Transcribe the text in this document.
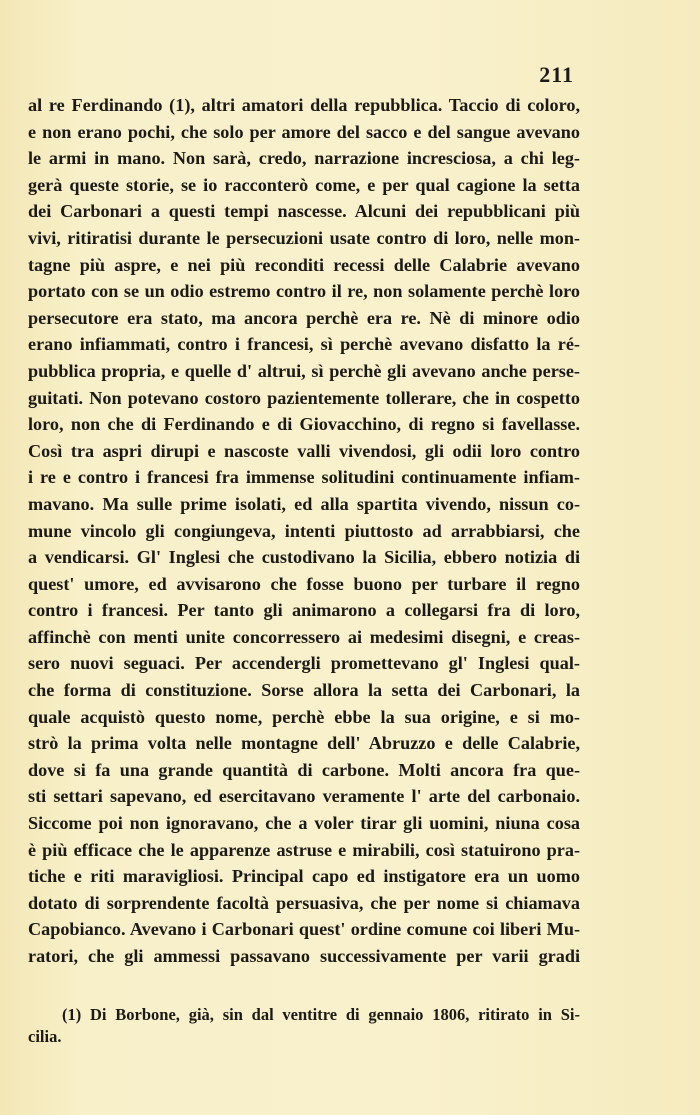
211
al re Ferdinando (1), altri amatori della repubblica. Taccio di coloro,
e non erano pochi, che solo per amore del sacco e del sangue avevano
le armi in mano. Non sarà, credo, narrazione incresciosa, a chi leg-
gerà queste storie, se io racconterò come, e per qual cagione la setta
dei Carbonari a questi tempi nascesse. Alcuni dei repubblicani più
vivi, ritiratisi durante le persecuzioni usate contro di loro, nelle mon-
tagne più aspre, e nei più reconditi recessi delle Calabrie avevano
portato con se un odio estremo contro il re, non solamente perchè loro
persecutore era stato, ma ancora perchè era re. Nè di minore odio
erano infiammati, contro i francesi, sì perchè avevano disfatto la ré-
pubblica propria, e quelle d' altrui, sì perchè gli avevano anche perse-
guitati. Non potevano costoro pazientemente tollerare, che in cospetto
loro, non che di Ferdinando e di Giovacchino, di regno si favellasse.
Così tra aspri dirupi e nascoste valli vivendosi, gli odii loro contro
i re e contro i francesi fra immense solitudini continuamente infiam-
mavano. Ma sulle prime isolati, ed alla spartita vivendo, nissun co-
mune vincolo gli congiungeva, intenti piuttosto ad arrabbiarsi, che
a vendicarsi. Gl' Inglesi che custodivano la Sicilia, ebbero notizia di
quest' umore, ed avvisarono che fosse buono per turbare il regno
contro i francesi. Per tanto gli animarono a collegarsi fra di loro,
affinchè con menti unite concorressero ai medesimi disegni, e creas-
sero nuovi seguaci. Per accendergli promettevano gl' Inglesi qual-
che forma di constituzione. Sorse allora la setta dei Carbonari, la
quale acquistò questo nome, perchè ebbe la sua origine, e si mo-
strò la prima volta nelle montagne dell' Abruzzo e delle Calabrie,
dove si fa una grande quantità di carbone. Molti ancora fra que-
sti settari sapevano, ed esercitavano veramente l' arte del carbonaio.
Siccome poi non ignoravano, che a voler tirar gli uomini, niuna cosa
è più efficace che le apparenze astruse e mirabili, così statuirono pra-
tiche e riti maravigliosi. Principal capo ed instigatore era un uomo
dotato di sorprendente facoltà persuasiva, che per nome si chiamava
Capobianco. Avevano i Carbonari quest' ordine comune coi liberi Mu-
ratori, che gli ammessi passavano successivamente per varii gradi
(1) Di Borbone, già, sin dal ventitre di gennaio 1806, ritirato in Si-
cilia.
